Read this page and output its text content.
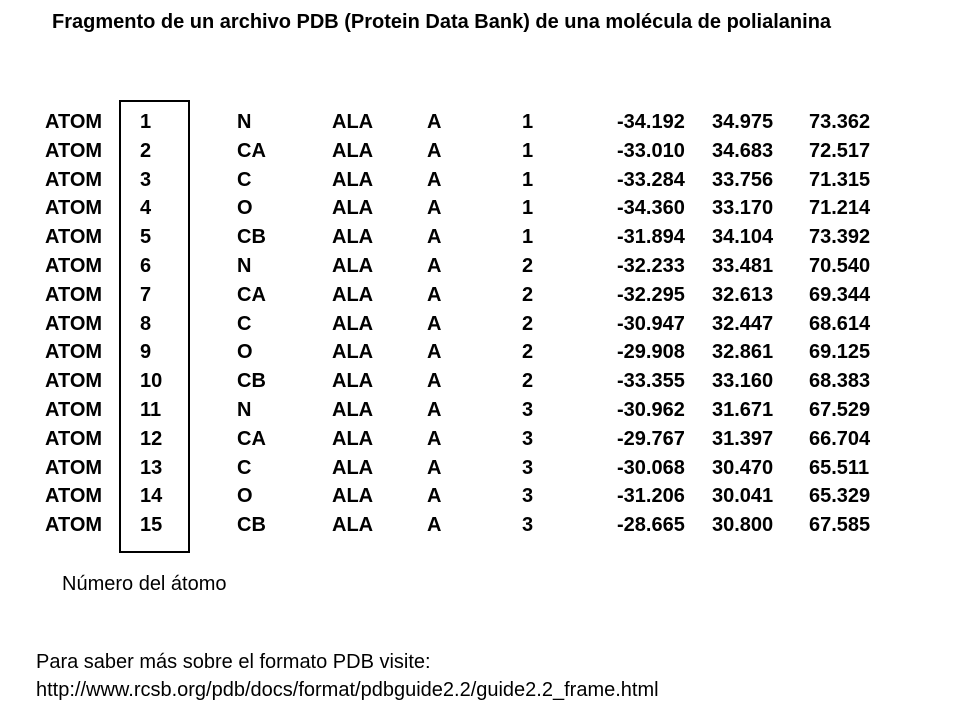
Fragmento de un archivo PDB (Protein Data Bank) de una molécula de polialanina
ATOM	1	N	ALA	A	1	-34.192	34.975	73.362
ATOM	2	CA	ALA	A	1	-33.010	34.683	72.517
ATOM	3	C	ALA	A	1	-33.284	33.756	71.315
ATOM	4	O	ALA	A	1	-34.360	33.170	71.214
ATOM	5	CB	ALA	A	1	-31.894	34.104	73.392
ATOM	6	N	ALA	A	2	-32.233	33.481	70.540
ATOM	7	CA	ALA	A	2	-32.295	32.613	69.344
ATOM	8	C	ALA	A	2	-30.947	32.447	68.614
ATOM	9	O	ALA	A	2	-29.908	32.861	69.125
ATOM	10	CB	ALA	A	2	-33.355	33.160	68.383
ATOM	11	N	ALA	A	3	-30.962	31.671	67.529
ATOM	12	CA	ALA	A	3	-29.767	31.397	66.704
ATOM	13	C	ALA	A	3	-30.068	30.470	65.511
ATOM	14	O	ALA	A	3	-31.206	30.041	65.329
ATOM	15	CB	ALA	A	3	-28.665	30.800	67.585
Número del átomo
Para saber más sobre el formato PDB visite:
http://www.rcsb.org/pdb/docs/format/pdbguide2.2/guide2.2_frame.html
